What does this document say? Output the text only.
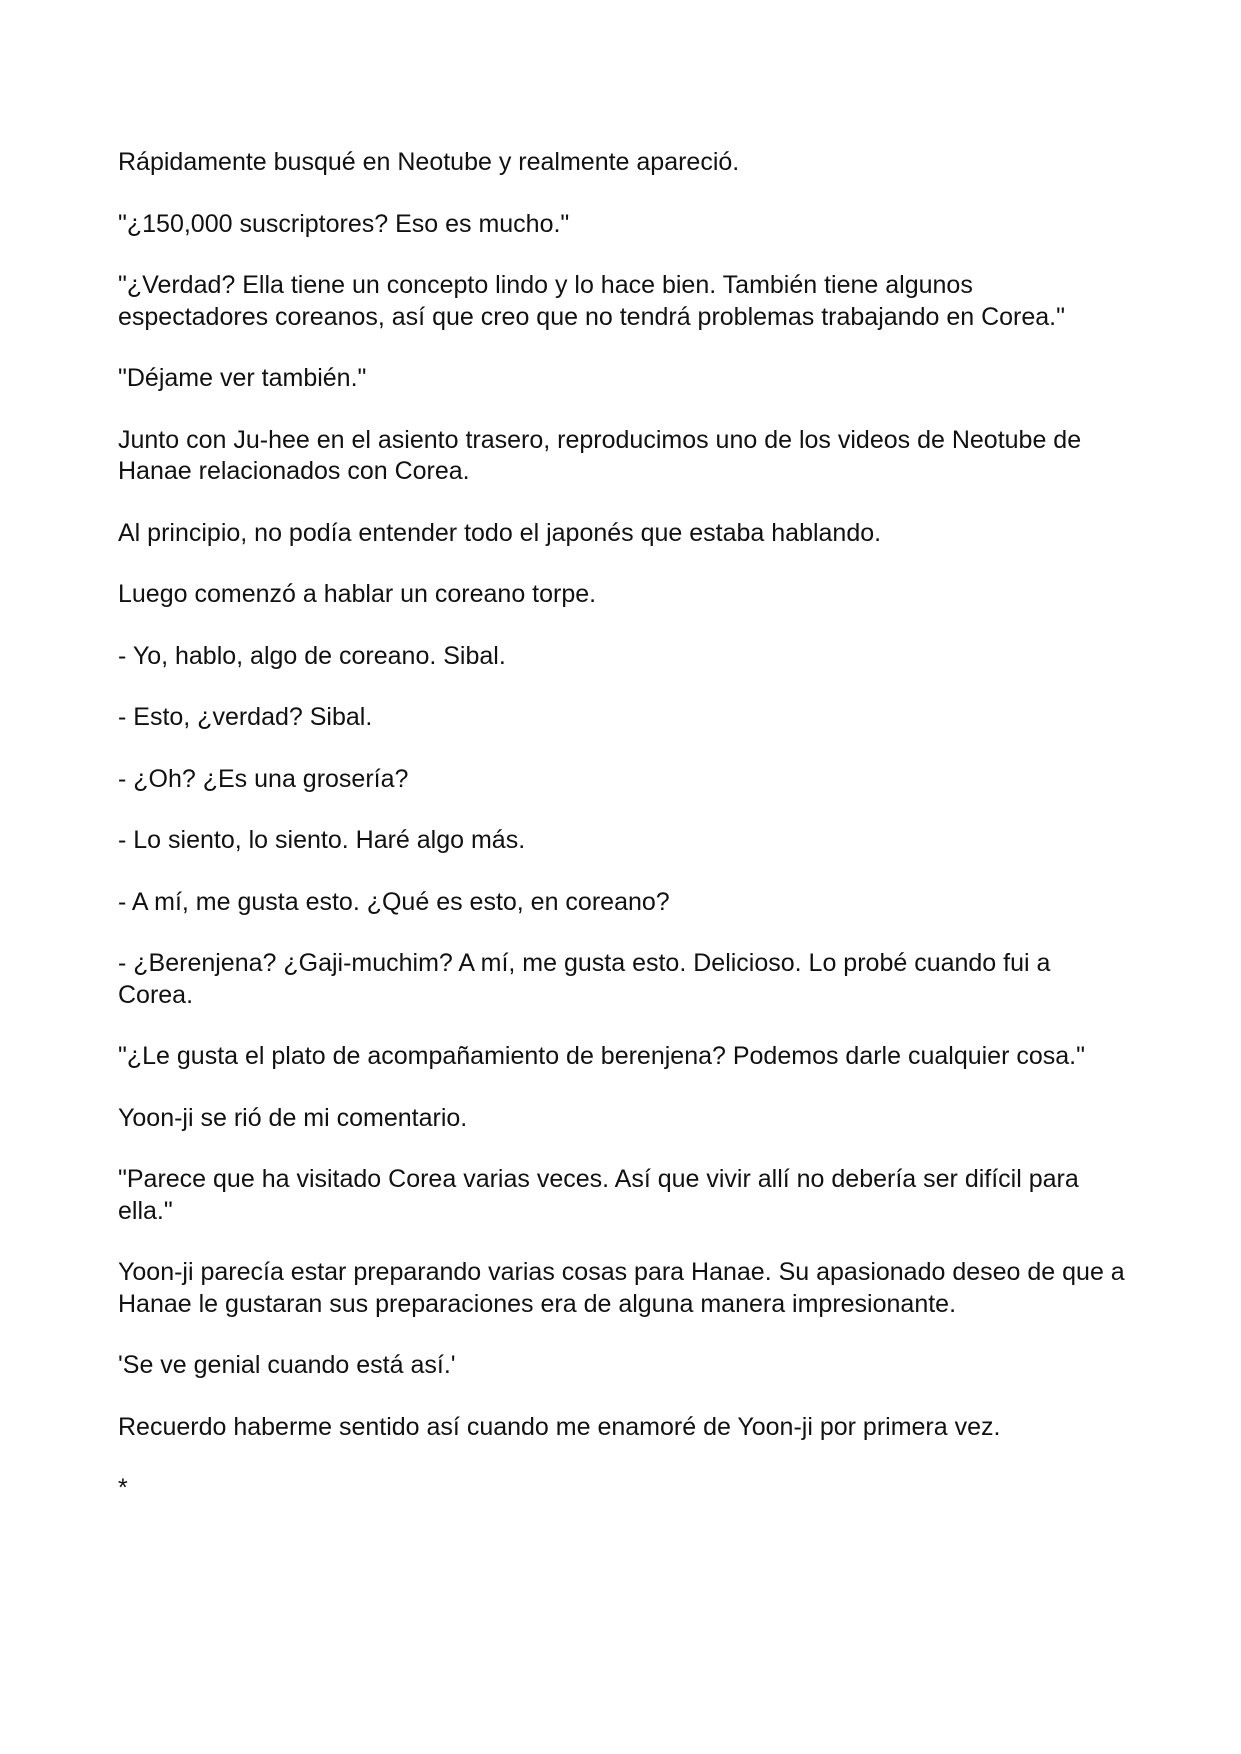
Rápidamente busqué en Neotube y realmente apareció.

"¿150,000 suscriptores? Eso es mucho."

"¿Verdad? Ella tiene un concepto lindo y lo hace bien. También tiene algunos espectadores coreanos, así que creo que no tendrá problemas trabajando en Corea."

"Déjame ver también."

Junto con Ju-hee en el asiento trasero, reproducimos uno de los videos de Neotube de Hanae relacionados con Corea.

Al principio, no podía entender todo el japonés que estaba hablando.

Luego comenzó a hablar un coreano torpe.

- Yo, hablo, algo de coreano. Sibal.

- Esto, ¿verdad? Sibal.

- ¿Oh? ¿Es una grosería?

- Lo siento, lo siento. Haré algo más.

- A mí, me gusta esto. ¿Qué es esto, en coreano?

- ¿Berenjena? ¿Gaji-muchim? A mí, me gusta esto. Delicioso. Lo probé cuando fui a Corea.

"¿Le gusta el plato de acompañamiento de berenjena? Podemos darle cualquier cosa."

Yoon-ji se rió de mi comentario.

"Parece que ha visitado Corea varias veces. Así que vivir allí no debería ser difícil para ella."

Yoon-ji parecía estar preparando varias cosas para Hanae. Su apasionado deseo de que a Hanae le gustaran sus preparaciones era de alguna manera impresionante.

'Se ve genial cuando está así.'

Recuerdo haberme sentido así cuando me enamoré de Yoon-ji por primera vez.

*
